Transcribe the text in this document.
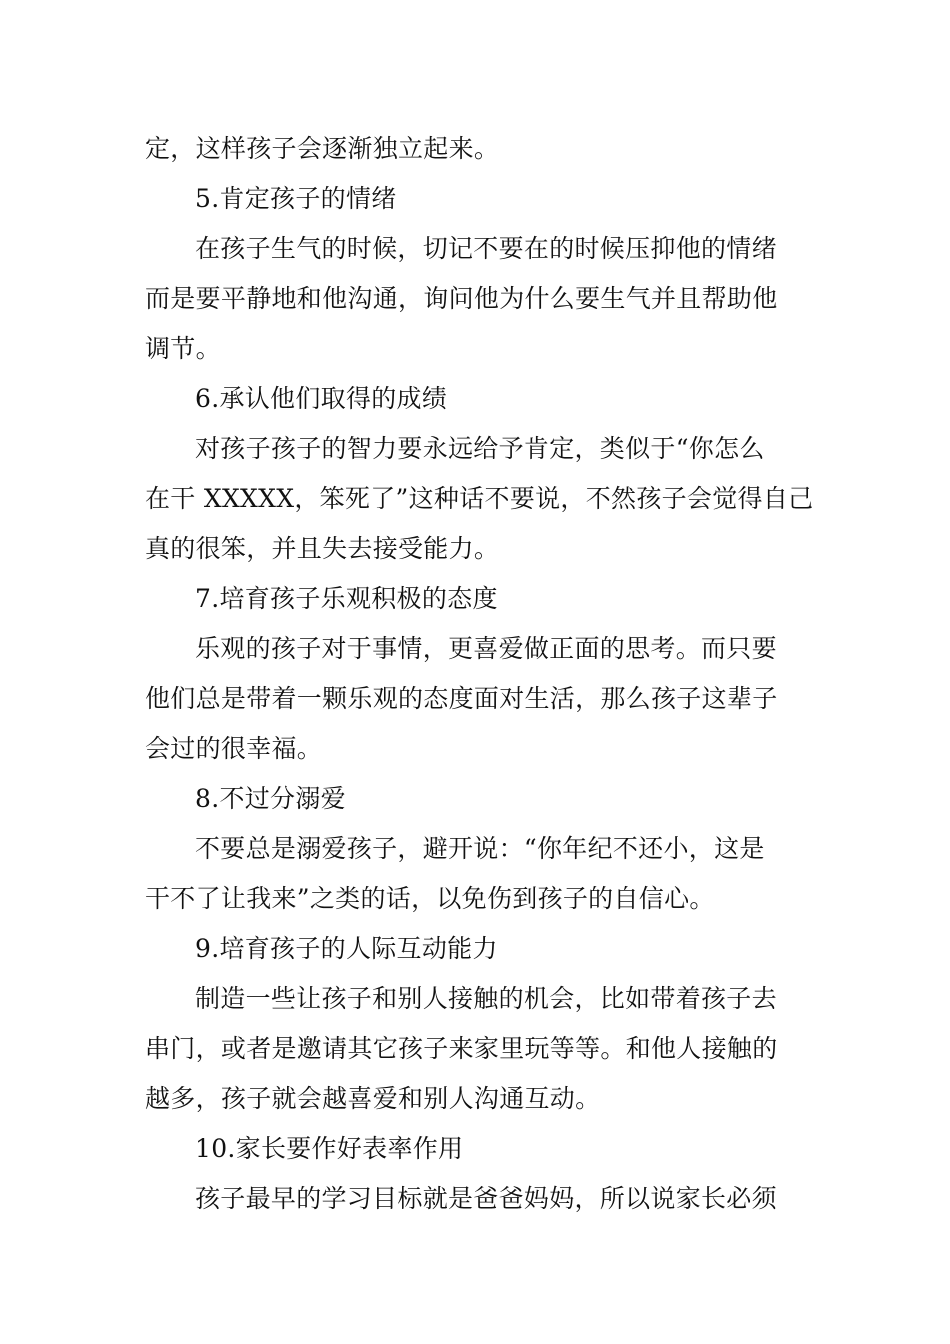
定，这样孩子会逐渐独立起来。
5.肯定孩子的情绪
在孩子生气的时候，切记不要在的时候压抑他的情绪
而是要平静地和他沟通，询问他为什么要生气并且帮助他
调节。
6.承认他们取得的成绩
对孩子孩子的智力要永远给予肯定，类似于“你怎么
在干 XXXXX，笨死了”这种话不要说，不然孩子会觉得自己
真的很笨，并且失去接受能力。
7.培育孩子乐观积极的态度
乐观的孩子对于事情，更喜爱做正面的思考。而只要
他们总是带着一颗乐观的态度面对生活，那么孩子这辈子
会过的很幸福。
8.不过分溺爱
不要总是溺爱孩子，避开说：“你年纪不还小，这是
干不了让我来”之类的话，以免伤到孩子的自信心。
9.培育孩子的人际互动能力
制造一些让孩子和别人接触的机会，比如带着孩子去
串门，或者是邀请其它孩子来家里玩等等。和他人接触的
越多，孩子就会越喜爱和别人沟通互动。
10.家长要作好表率作用
孩子最早的学习目标就是爸爸妈妈，所以说家长必须
